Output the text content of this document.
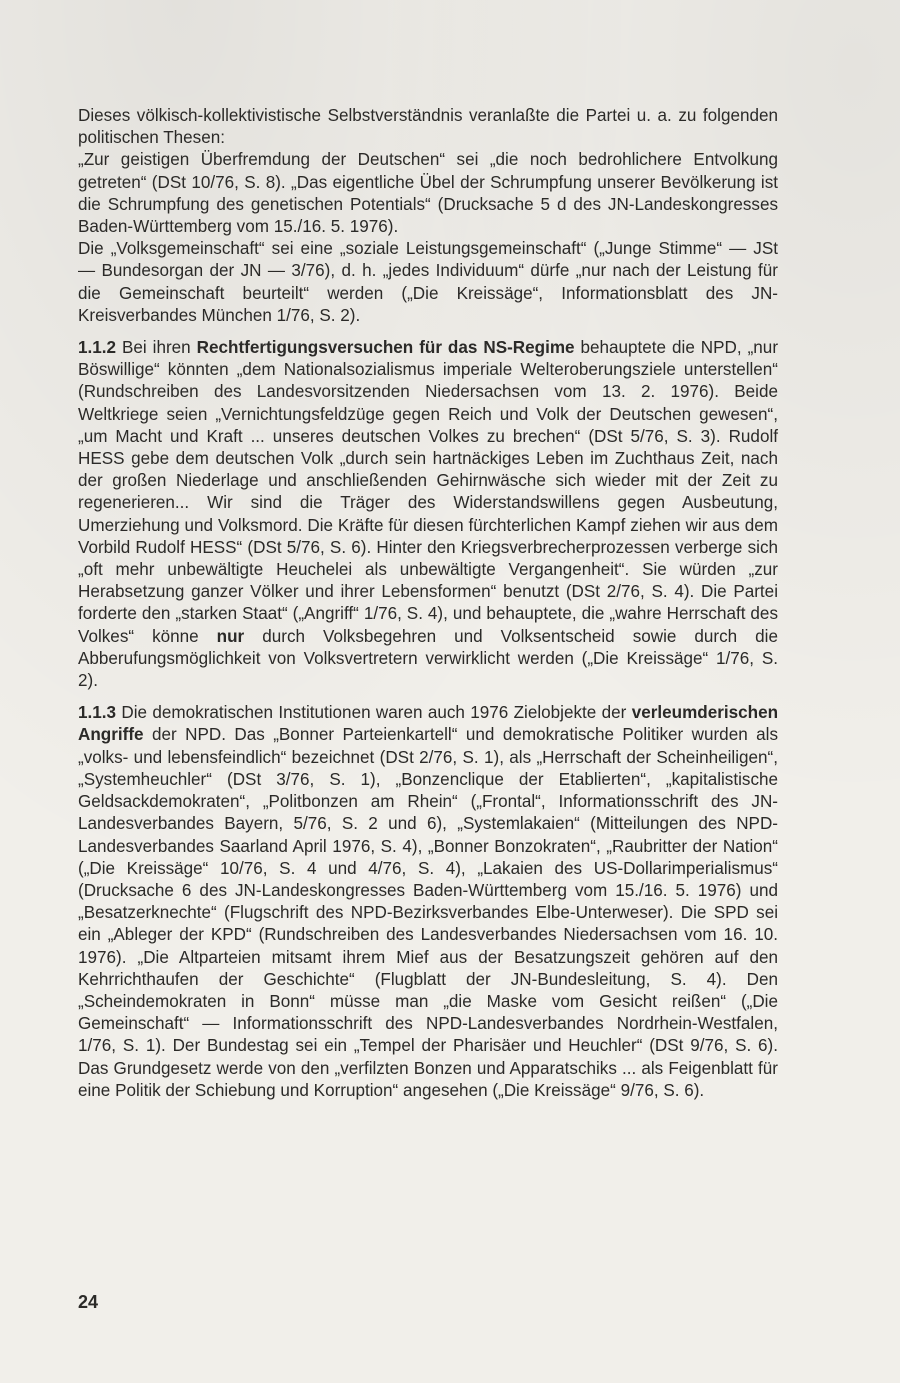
Dieses völkisch-kollektivistische Selbstverständnis veranlaßte die Partei u. a. zu folgenden politischen Thesen:

„Zur geistigen Überfremdung der Deutschen“ sei „die noch bedrohlichere Entvolkung getreten“ (DSt 10/76, S. 8). „Das eigentliche Übel der Schrumpfung unserer Bevölkerung ist die Schrumpfung des genetischen Potentials“ (Drucksache 5 d des JN-Landeskongresses Baden-Württemberg vom 15./16. 5. 1976).

Die „Volksgemeinschaft“ sei eine „soziale Leistungsgemeinschaft“ („Junge Stimme“ — JSt — Bundesorgan der JN — 3/76), d. h. „jedes Individuum“ dürfe „nur nach der Leistung für die Gemeinschaft beurteilt“ werden („Die Kreissäge“, Informationsblatt des JN-Kreisverbandes München 1/76, S. 2).

1.1.2 Bei ihren Rechtfertigungsversuchen für das NS-Regime behauptete die NPD, „nur Böswillige“ könnten „dem Nationalsozialismus imperiale Welteroberungsziele unterstellen“ (Rundschreiben des Landesvorsitzenden Niedersachsen vom 13. 2. 1976). Beide Weltkriege seien „Vernichtungsfeldzüge gegen Reich und Volk der Deutschen gewesen“, „um Macht und Kraft ... unseres deutschen Volkes zu brechen“ (DSt 5/76, S. 3). Rudolf HESS gebe dem deutschen Volk „durch sein hartnäckiges Leben im Zuchthaus Zeit, nach der großen Niederlage und anschließenden Gehirnwäsche sich wieder mit der Zeit zu regenerieren... Wir sind die Träger des Widerstandswillens gegen Ausbeutung, Umerziehung und Volksmord. Die Kräfte für diesen fürchterlichen Kampf ziehen wir aus dem Vorbild Rudolf HESS“ (DSt 5/76, S. 6). Hinter den Kriegsverbrecherprozessen verberge sich „oft mehr unbewältigte Heuchelei als unbewältigte Vergangenheit“. Sie würden „zur Herabsetzung ganzer Völker und ihrer Lebensformen“ benutzt (DSt 2/76, S. 4). Die Partei forderte den „starken Staat“ („Angriff“ 1/76, S. 4), und behauptete, die „wahre Herrschaft des Volkes“ könne nur durch Volksbegehren und Volksentscheid sowie durch die Abberufungsmöglichkeit von Volksvertretern verwirklicht werden („Die Kreissäge“ 1/76, S. 2).

1.1.3 Die demokratischen Institutionen waren auch 1976 Zielobjekte der verleumderischen Angriffe der NPD. Das „Bonner Parteienkartell“ und demokratische Politiker wurden als „volks- und lebensfeindlich“ bezeichnet (DSt 2/76, S. 1), als „Herrschaft der Scheinheiligen“, „Systemheuchler“ (DSt 3/76, S. 1), „Bonzenclique der Etablierten“, „kapitalistische Geldsackdemokraten“, „Politbonzen am Rhein“ („Frontal“, Informationsschrift des JN-Landesverbandes Bayern, 5/76, S. 2 und 6), „Systemlakaien“ (Mitteilungen des NPD-Landesverbandes Saarland April 1976, S. 4), „Bonner Bonzokraten“, „Raubritter der Nation“ („Die Kreissäge“ 10/76, S. 4 und 4/76, S. 4), „Lakaien des US-Dollarimperialismus“ (Drucksache 6 des JN-Landeskongresses Baden-Württemberg vom 15./16. 5. 1976) und „Besatzerknechte“ (Flugschrift des NPD-Bezirksverbandes Elbe-Unterweser). Die SPD sei ein „Ableger der KPD“ (Rundschreiben des Landesverbandes Niedersachsen vom 16. 10. 1976). „Die Altparteien mitsamt ihrem Mief aus der Besatzungszeit gehören auf den Kehrrichthaufen der Geschichte“ (Flugblatt der JN-Bundesleitung, S. 4). Den „Scheindemokraten in Bonn“ müsse man „die Maske vom Gesicht reißen“ („Die Gemeinschaft“ — Informationsschrift des NPD-Landesverbandes Nordrhein-Westfalen, 1/76, S. 1). Der Bundestag sei ein „Tempel der Pharisäer und Heuchler“ (DSt 9/76, S. 6). Das Grundgesetz werde von den „verfilzten Bonzen und Apparatschiks ... als Feigenblatt für eine Politik der Schiebung und Korruption“ angesehen („Die Kreissäge“ 9/76, S. 6).

24
